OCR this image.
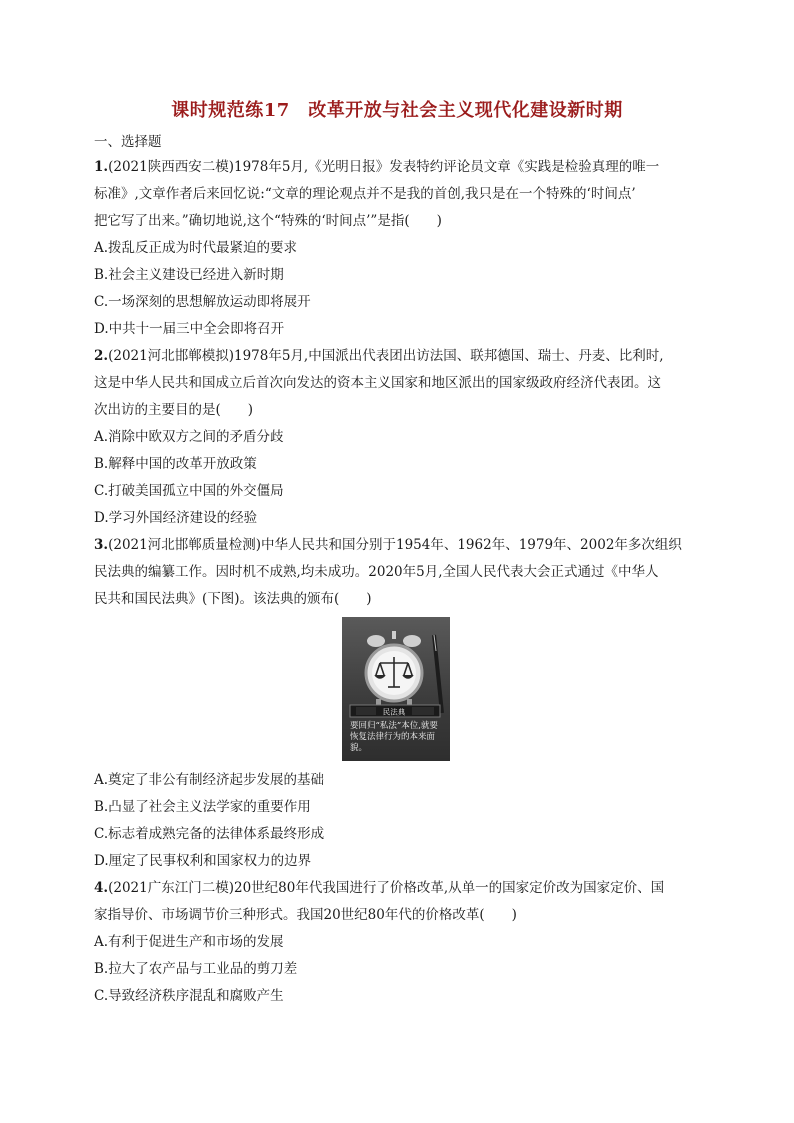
课时规范练17　改革开放与社会主义现代化建设新时期
一、选择题
1.(2021陕西西安二模)1978年5月,《光明日报》发表特约评论员文章《实践是检验真理的唯一
标准》,文章作者后来回忆说:“文章的理论观点并不是我的首创,我只是在一个特殊的‘时间点’
把它写了出来。”确切地说,这个“特殊的‘时间点’”是指(　　)
A.拨乱反正成为时代最紧迫的要求
B.社会主义建设已经进入新时期
C.一场深刻的思想解放运动即将展开
D.中共十一届三中全会即将召开
2.(2021河北邯郸模拟)1978年5月,中国派出代表团出访法国、联邦德国、瑞士、丹麦、比利时,
这是中华人民共和国成立后首次向发达的资本主义国家和地区派出的国家级政府经济代表团。这
次出访的主要目的是(　　)
A.消除中欧双方之间的矛盾分歧
B.解释中国的改革开放政策
C.打破美国孤立中国的外交僵局
D.学习外国经济建设的经验
3.(2021河北邯郸质量检测)中华人民共和国分别于1954年、1962年、1979年、2002年多次组织
民法典的编纂工作。因时机不成熟,均未成功。2020年5月,全国人民代表大会正式通过《中华人
民共和国民法典》(下图)。该法典的颁布(　　)
民法典
要回归“私法”本位,就要恢复法律行为的本来面貌。
A.奠定了非公有制经济起步发展的基础
B.凸显了社会主义法学家的重要作用
C.标志着成熟完备的法律体系最终形成
D.厘定了民事权利和国家权力的边界
4.(2021广东江门二模)20世纪80年代我国进行了价格改革,从单一的国家定价改为国家定价、国
家指导价、市场调节价三种形式。我国20世纪80年代的价格改革(　　)
A.有利于促进生产和市场的发展
B.拉大了农产品与工业品的剪刀差
C.导致经济秩序混乱和腐败产生
